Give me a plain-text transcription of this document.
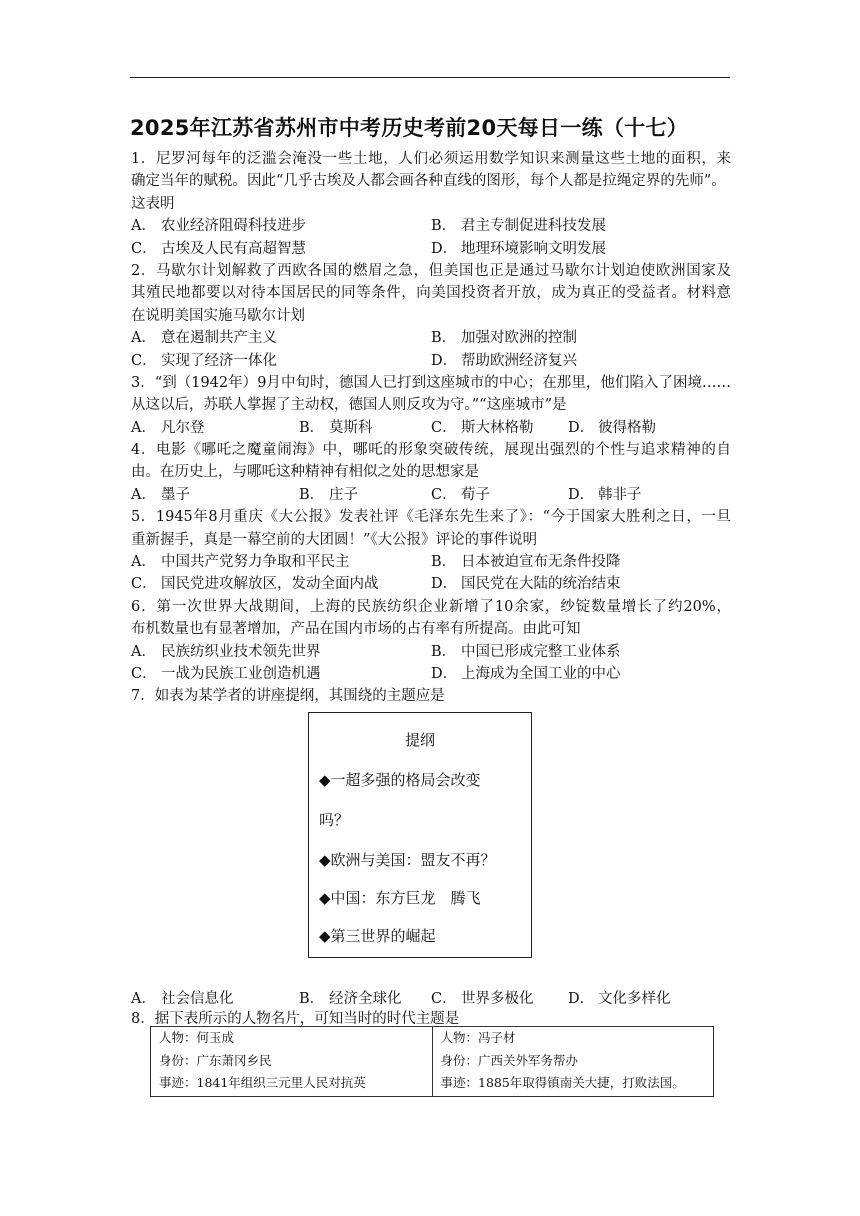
2025年江苏省苏州市中考历史考前20天每日一练（十七）
1．尼罗河每年的泛滥会淹没一些土地，人们必须运用数学知识来测量这些土地的面积，来
确定当年的赋税。因此“几乎古埃及人都会画各种直线的图形，每个人都是拉绳定界的先师”。
这表明
A． 农业经济阻碍科技进步	B． 君主专制促进科技发展
C． 古埃及人民有高超智慧	D． 地理环境影响文明发展
2．马歇尔计划解救了西欧各国的燃眉之急，但美国也正是通过马歇尔计划迫使欧洲国家及
其殖民地都要以对待本国居民的同等条件，向美国投资者开放，成为真正的受益者。材料意
在说明美国实施马歇尔计划
A． 意在遏制共产主义	B． 加强对欧洲的控制
C． 实现了经济一体化	D． 帮助欧洲经济复兴
3．“到（1942年）9月中旬时，德国人已打到这座城市的中心；在那里，他们陷入了困境……
从这以后，苏联人掌握了主动权，德国人则反攻为守。”“这座城市”是
A． 凡尔登	B． 莫斯科	C． 斯大林格勒 D． 彼得格勒
4．电影《哪吒之魔童闹海》中，哪吒的形象突破传统，展现出强烈的个性与追求精神的自
由。在历史上，与哪吒这种精神有相似之处的思想家是
A． 墨子	B． 庄子	C． 荀子	D． 韩非子
5．1945年8月重庆《大公报》发表社评《毛泽东先生来了》：“今于国家大胜利之日，一旦
重新握手，真是一幕空前的大团圆！”《大公报》评论的事件说明
A． 中国共产党努力争取和平民主	B． 日本被迫宣布无条件投降
C． 国民党进攻解放区，发动全面内战	D． 国民党在大陆的统治结束
6．第一次世界大战期间，上海的民族纺织企业新增了10余家，纱锭数量增长了约20%，
布机数量也有显著增加，产品在国内市场的占有率有所提高。由此可知
A． 民族纺织业技术领先世界	B． 中国已形成完整工业体系
C． 一战为民族工业创造机遇	D． 上海成为全国工业的中心
7．如表为某学者的讲座提纲，其围绕的主题应是
提纲
◆一超多强的格局会改变
吗？
◆欧洲与美国：盟友不再？
◆中国：东方巨龙　腾飞
◆第三世界的崛起
A． 社会信息化	B． 经济全球化 C． 世界多极化 D． 文化多样化
8．据下表所示的人物名片，可知当时的时代主题是
人物：何玉成
身份：广东萧冈乡民
事迹：1841年组织三元里人民对抗英

人物：冯子材
身份：广西关外军务帮办
事迹：1885年取得镇南关大捷，打败法国。
